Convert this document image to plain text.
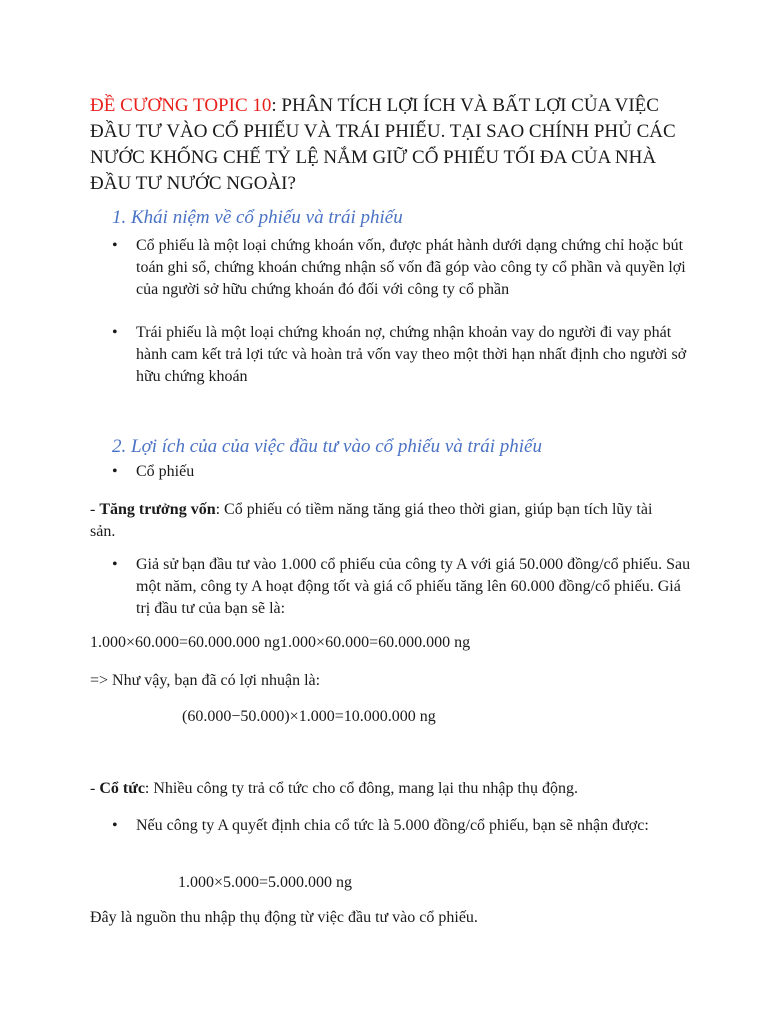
ĐỀ CƯƠNG TOPIC 10: PHÂN TÍCH LỢI ÍCH VÀ BẤT LỢI CỦA VIỆC ĐẦU TƯ VÀO CỔ PHIẾU VÀ TRÁI PHIẾU. TẠI SAO CHÍNH PHỦ CÁC NƯỚC KHỐNG CHẾ TỶ LỆ NẮM GIỮ CỔ PHIẾU TỐI ĐA CỦA NHÀ ĐẦU TƯ NƯỚC NGOÀI?
1. Khái niệm về cổ phiếu và trái phiếu

• Cổ phiếu là một loại chứng khoán vốn, được phát hành dưới dạng chứng chỉ hoặc bút toán ghi sổ, chứng khoán chứng nhận số vốn đã góp vào công ty cổ phần và quyền lợi của người sở hữu chứng khoán đó đối với công ty cổ phần

• Trái phiếu là một loại chứng khoán nợ, chứng nhận khoản vay do người đi vay phát hành cam kết trả lợi tức và hoàn trả vốn vay theo một thời hạn nhất định cho người sở hữu chứng khoán

2. Lợi ích của của việc đầu tư vào cổ phiếu và trái phiếu

• Cổ phiếu

- Tăng trưởng vốn: Cổ phiếu có tiềm năng tăng giá theo thời gian, giúp bạn tích lũy tài sản.

• Giả sử bạn đầu tư vào 1.000 cổ phiếu của công ty A với giá 50.000 đồng/cổ phiếu. Sau một năm, công ty A hoạt động tốt và giá cổ phiếu tăng lên 60.000 đồng/cổ phiếu. Giá trị đầu tư của bạn sẽ là:

1.000×60.000=60.000.000 ng1.000×60.000=60.000.000 ng

=> Như vậy, bạn đã có lợi nhuận là:

(60.000−50.000)×1.000=10.000.000 ng

- Cổ tức: Nhiều công ty trả cổ tức cho cổ đông, mang lại thu nhập thụ động.

• Nếu công ty A quyết định chia cổ tức là 5.000 đồng/cổ phiếu, bạn sẽ nhận được:

1.000×5.000=5.000.000 ng

Đây là nguồn thu nhập thụ động từ việc đầu tư vào cổ phiếu.
